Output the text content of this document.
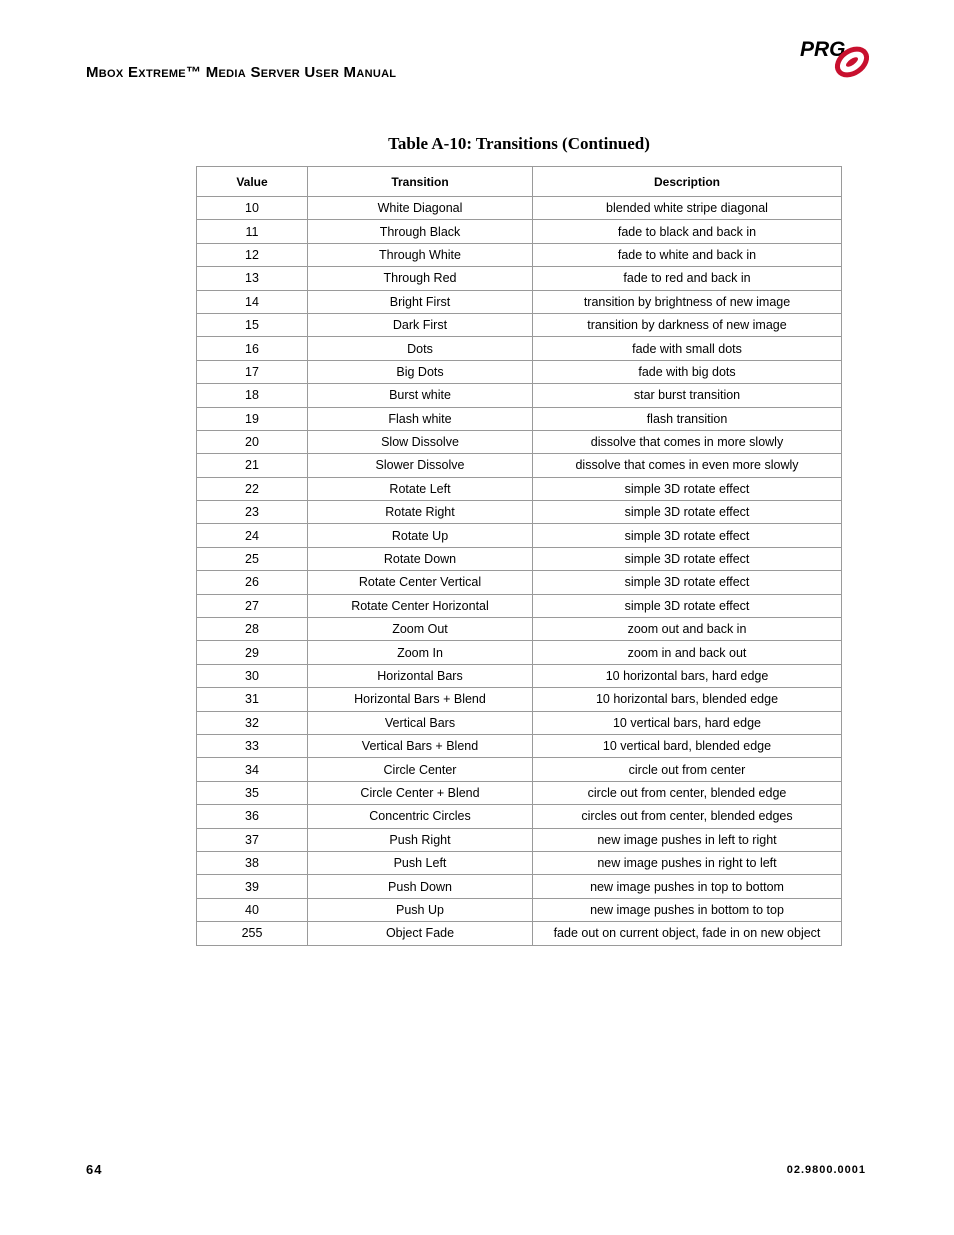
Mbox Extreme™ Media Server User Manual
PRG
Table A-10: Transitions (Continued)
Value	Transition	Description
10	White Diagonal	blended white stripe diagonal
11	Through Black	fade to black and back in
12	Through White	fade to white and back in
13	Through Red	fade to red and back in
14	Bright First	transition by brightness of new image
15	Dark First	transition by darkness of new image
16	Dots	fade with small dots
17	Big Dots	fade with big dots
18	Burst white	star burst transition
19	Flash white	flash transition
20	Slow Dissolve	dissolve that comes in more slowly
21	Slower Dissolve	dissolve that comes in even more slowly
22	Rotate Left	simple 3D rotate effect
23	Rotate Right	simple 3D rotate effect
24	Rotate Up	simple 3D rotate effect
25	Rotate Down	simple 3D rotate effect
26	Rotate Center Vertical	simple 3D rotate effect
27	Rotate Center Horizontal	simple 3D rotate effect
28	Zoom Out	zoom out and back in
29	Zoom In	zoom in and back out
30	Horizontal Bars	10 horizontal bars, hard edge
31	Horizontal Bars + Blend	10 horizontal bars, blended edge
32	Vertical Bars	10 vertical bars, hard edge
33	Vertical Bars + Blend	10 vertical bard, blended edge
34	Circle Center	circle out from center
35	Circle Center + Blend	circle out from center, blended edge
36	Concentric Circles	circles out from center, blended edges
37	Push Right	new image pushes in left to right
38	Push Left	new image pushes in right to left
39	Push Down	new image pushes in top to bottom
40	Push Up	new image pushes in bottom to top
255	Object Fade	fade out on current object, fade in on new object
64	02.9800.0001
